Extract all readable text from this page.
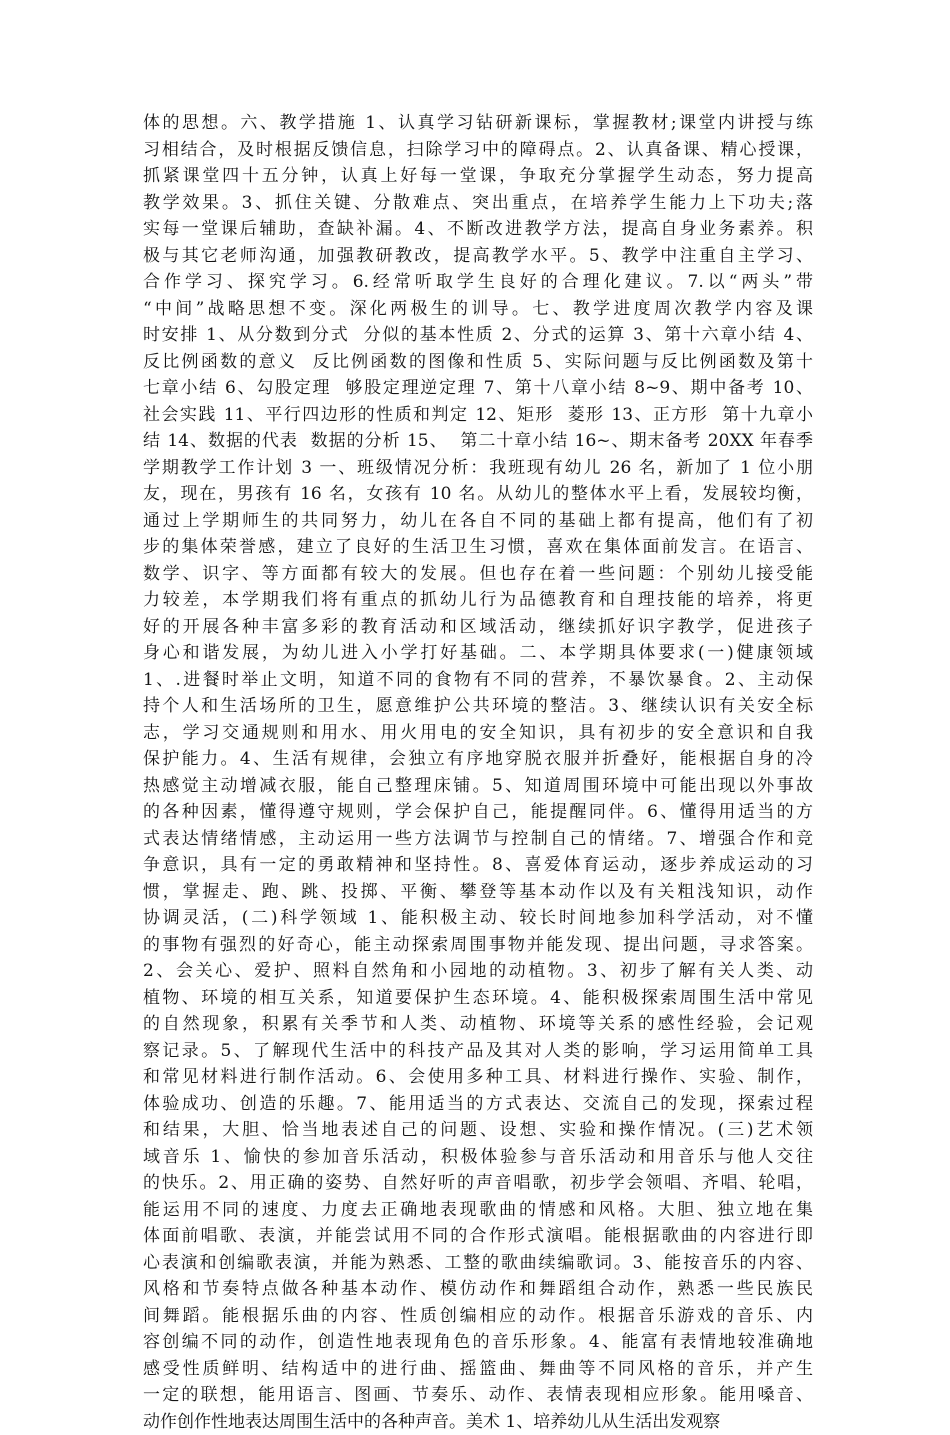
体的思想。六、教学措施 1、认真学习钻研新课标，掌握教材;课堂内讲授与练
习相结合，及时根据反馈信息，扫除学习中的障碍点。2、认真备课、精心授课，
抓紧课堂四十五分钟，认真上好每一堂课，争取充分掌握学生动态，努力提高
教学效果。3、抓住关键、分散难点、突出重点，在培养学生能力上下功夫;落
实每一堂课后辅助，查缺补漏。4、不断改进教学方法，提高自身业务素养。积
极与其它老师沟通，加强教研教改，提高教学水平。5、教学中注重自主学习、
合作学习、探究学习。6.经常听取学生良好的合理化建议。7.以“两头”带
“中间”战略思想不变。深化两极生的训导。七、教学进度周次教学内容及课
时安排 1、从分数到分式  分似的基本性质 2、分式的运算 3、第十六章小结 4、
反比例函数的意义  反比例函数的图像和性质 5、实际问题与反比例函数及第十
七章小结 6、勾股定理  够股定理逆定理 7、第十八章小结 8~9、期中备考 10、
社会实践 11、平行四边形的性质和判定 12、矩形  菱形 13、正方形  第十九章小
结 14、数据的代表  数据的分析 15、  第二十章小结 16~、期末备考 20XX 年春季
学期教学工作计划 3 一、班级情况分析：我班现有幼儿 26 名，新加了 1 位小朋
友，现在，男孩有 16 名，女孩有 10 名。从幼儿的整体水平上看，发展较均衡，
通过上学期师生的共同努力，幼儿在各自不同的基础上都有提高，他们有了初
步的集体荣誉感，建立了良好的生活卫生习惯，喜欢在集体面前发言。在语言、
数学、识字、等方面都有较大的发展。但也存在着一些问题：个别幼儿接受能
力较差，本学期我们将有重点的抓幼儿行为品德教育和自理技能的培养，将更
好的开展各种丰富多彩的教育活动和区域活动，继续抓好识字教学，促进孩子
身心和谐发展，为幼儿进入小学打好基础。二、本学期具体要求(一)健康领域
1、.进餐时举止文明，知道不同的食物有不同的营养，不暴饮暴食。2、主动保
持个人和生活场所的卫生，愿意维护公共环境的整洁。3、继续认识有关安全标
志，学习交通规则和用水、用火用电的安全知识，具有初步的安全意识和自我
保护能力。4、生活有规律，会独立有序地穿脱衣服并折叠好，能根据自身的冷
热感觉主动增减衣服，能自己整理床铺。5、知道周围环境中可能出现以外事故
的各种因素，懂得遵守规则，学会保护自己，能提醒同伴。6、懂得用适当的方
式表达情绪情感，主动运用一些方法调节与控制自己的情绪。7、增强合作和竞
争意识，具有一定的勇敢精神和坚持性。8、喜爱体育运动，逐步养成运动的习
惯，掌握走、跑、跳、投掷、平衡、攀登等基本动作以及有关粗浅知识，动作
协调灵活，(二)科学领域 1、能积极主动、较长时间地参加科学活动，对不懂
的事物有强烈的好奇心，能主动探索周围事物并能发现、提出问题，寻求答案。
2、会关心、爱护、照料自然角和小园地的动植物。3、初步了解有关人类、动
植物、环境的相互关系，知道要保护生态环境。4、能积极探索周围生活中常见
的自然现象，积累有关季节和人类、动植物、环境等关系的感性经验，会记观
察记录。5、了解现代生活中的科技产品及其对人类的影响，学习运用简单工具
和常见材料进行制作活动。6、会使用多种工具、材料进行操作、实验、制作，
体验成功、创造的乐趣。7、能用适当的方式表达、交流自己的发现，探索过程
和结果，大胆、恰当地表述自己的问题、设想、实验和操作情况。(三)艺术领
域音乐 1、愉快的参加音乐活动，积极体验参与音乐活动和用音乐与他人交往
的快乐。2、用正确的姿势、自然好听的声音唱歌，初步学会领唱、齐唱、轮唱，
能运用不同的速度、力度去正确地表现歌曲的情感和风格。大胆、独立地在集
体面前唱歌、表演，并能尝试用不同的合作形式演唱。能根据歌曲的内容进行即
心表演和创编歌表演，并能为熟悉、工整的歌曲续编歌词。3、能按音乐的内容、
风格和节奏特点做各种基本动作、模仿动作和舞蹈组合动作，熟悉一些民族民
间舞蹈。能根据乐曲的内容、性质创编相应的动作。根据音乐游戏的音乐、内
容创编不同的动作，创造性地表现角色的音乐形象。4、能富有表情地较准确地
感受性质鲜明、结构适中的进行曲、摇篮曲、舞曲等不同风格的音乐，并产生
一定的联想，能用语言、图画、节奏乐、动作、表情表现相应形象。能用嗓音、
动作创作性地表达周围生活中的各种声音。美术 1、培养幼儿从生活出发观察
